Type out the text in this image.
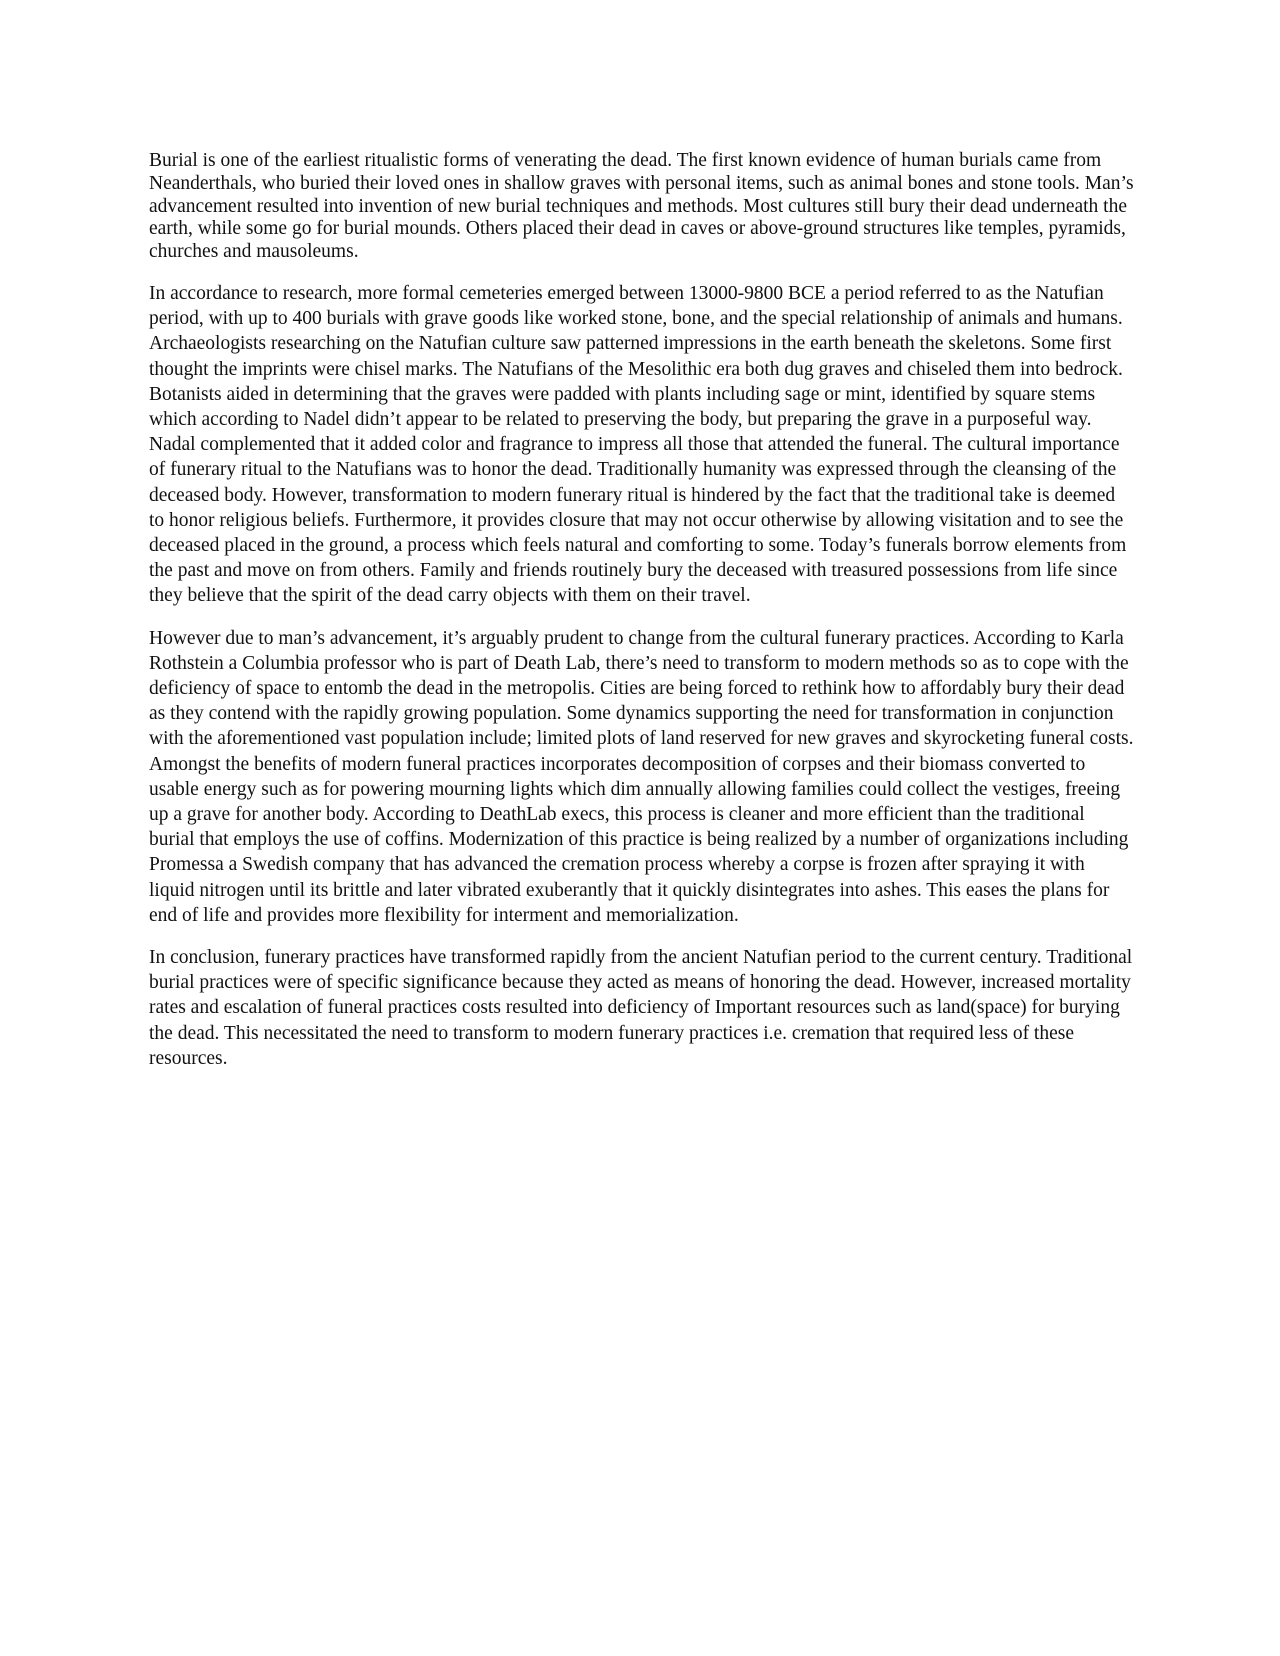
Burial is one of the earliest ritualistic forms of venerating the dead. The first known evidence of human burials came from Neanderthals, who buried their loved ones in shallow graves with personal items, such as animal bones and stone tools. Man’s advancement resulted into invention of new burial techniques and methods. Most cultures still bury their dead underneath the earth, while some go for burial mounds. Others placed their dead in caves or above-ground structures like temples, pyramids, churches and mausoleums.

In accordance to research, more formal cemeteries emerged between 13000-9800 BCE a period referred to as the Natufian period, with up to 400 burials with grave goods like worked stone, bone, and the special relationship of animals and humans. Archaeologists researching on the Natufian culture saw patterned impressions in the earth beneath the skeletons. Some first thought the imprints were chisel marks. The Natufians of the Mesolithic era both dug graves and chiseled them into bedrock. Botanists aided in determining that the graves were padded with plants including sage or mint, identified by square stems which according to Nadel didn’t appear to be related to preserving the body, but preparing the grave in a purposeful way. Nadal complemented that it added color and fragrance to impress all those that attended the funeral. The cultural importance of funerary ritual to the Natufians was to honor the dead. Traditionally humanity was expressed through the cleansing of the deceased body. However, transformation to modern funerary ritual is hindered by the fact that the traditional take is deemed to honor religious beliefs. Furthermore, it provides closure that may not occur otherwise by allowing visitation and to see the deceased placed in the ground, a process which feels natural and comforting to some. Today’s funerals borrow elements from the past and move on from others. Family and friends routinely bury the deceased with treasured possessions from life since they believe that the spirit of the dead carry objects with them on their travel.

However due to man’s advancement, it’s arguably prudent to change from the cultural funerary practices. According to Karla Rothstein a Columbia professor who is part of Death Lab, there’s need to transform to modern methods so as to cope with the deficiency of space to entomb the dead in the metropolis. Cities are being forced to rethink how to affordably bury their dead as they contend with the rapidly growing population. Some dynamics supporting the need for transformation in conjunction with the aforementioned vast population include; limited plots of land reserved for new graves and skyrocketing funeral costs. Amongst the benefits of modern funeral practices incorporates decomposition of corpses and their biomass converted to usable energy such as for powering mourning lights which dim annually allowing families could collect the vestiges, freeing up a grave for another body. According to DeathLab execs, this process is cleaner and more efficient than the traditional burial that employs the use of coffins. Modernization of this practice is being realized by a number of organizations including Promessa a Swedish company that has advanced the cremation process whereby a corpse is frozen after spraying it with liquid nitrogen until its brittle and later vibrated exuberantly that it quickly disintegrates into ashes. This eases the plans for end of life and provides more flexibility for interment and memorialization.

In conclusion, funerary practices have transformed rapidly from the ancient Natufian period to the current century. Traditional burial practices were of specific significance because they acted as means of honoring the dead. However, increased mortality rates and escalation of funeral practices costs resulted into deficiency of Important resources such as land(space) for burying the dead. This necessitated the need to transform to modern funerary practices i.e. cremation that required less of these resources.
